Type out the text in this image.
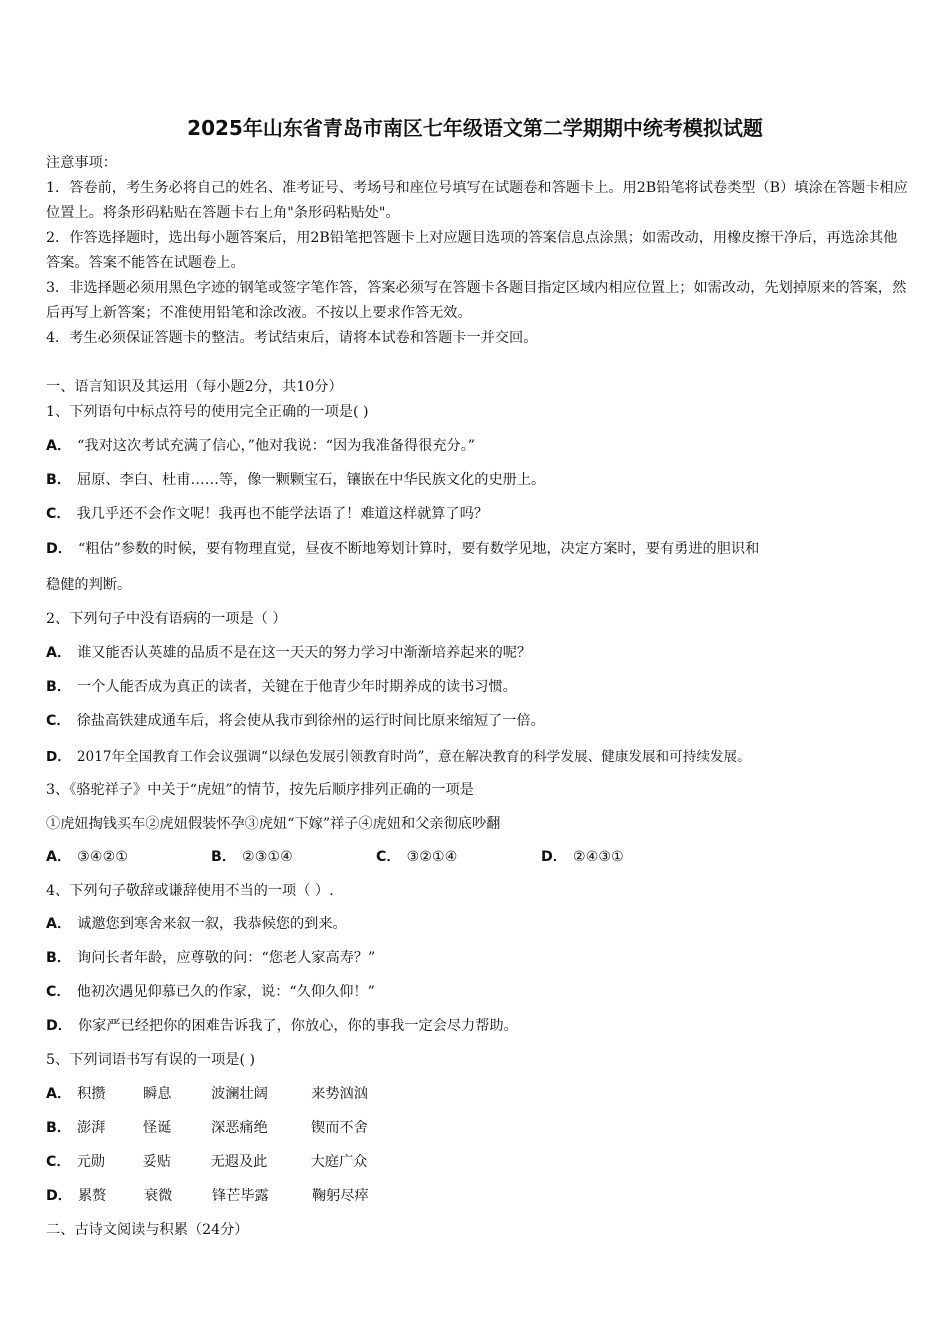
2025年山东省青岛市南区七年级语文第二学期期中统考模拟试题

注意事项：

1．答卷前，考生务必将自己的姓名、准考证号、考场号和座位号填写在试题卷和答题卡上。用2B铅笔将试卷类型（B）填涂在答题卡相应位置上。将条形码粘贴在答题卡右上角"条形码粘贴处"。

2．作答选择题时，选出每小题答案后，用2B铅笔把答题卡上对应题目选项的答案信息点涂黑；如需改动，用橡皮擦干净后，再选涂其他答案。答案不能答在试题卷上。

3．非选择题必须用黑色字迹的钢笔或签字笔作答，答案必须写在答题卡各题目指定区域内相应位置上；如需改动，先划掉原来的答案，然后再写上新答案；不准使用铅笔和涂改液。不按以上要求作答无效。

4．考生必须保证答题卡的整洁。考试结束后，请将本试卷和答题卡一并交回。

一、语言知识及其运用（每小题2分，共10分）
1、下列语句中标点符号的使用完全正确的一项是( )
A． “我对这次考试充满了信心，”他对我说：“因为我准备得很充分。”
B． 屈原、李白、杜甫……等，像一颗颗宝石，镶嵌在中华民族文化的史册上。
C． 我几乎还不会作文呢！我再也不能学法语了！难道这样就算了吗？
D． “粗估”参数的时候，要有物理直觉，昼夜不断地筹划计算时，要有数学见地，决定方案时，要有勇进的胆识和
稳健的判断。
2、下列句子中没有语病的一项是（ ）
A． 谁又能否认英雄的品质不是在这一天天的努力学习中渐渐培养起来的呢？
B． 一个人能否成为真正的读者，关键在于他青少年时期养成的读书习惯。
C． 徐盐高铁建成通车后，将会使从我市到徐州的运行时间比原来缩短了一倍。
D． 2017年全国教育工作会议强调“以绿色发展引领教育时尚”，意在解决教育的科学发展、健康发展和可持续发展。
3、《骆驼祥子》中关于“虎妞”的情节，按先后顺序排列正确的一项是
①虎妞掏钱买车②虎妞假装怀孕③虎妞“下嫁”祥子④虎妞和父亲彻底吵翻
A． ③④②①	B． ②③①④	C． ③②①④	D． ②④③①
4、下列句子敬辞或谦辞使用不当的一项（ ）.
A． 诚邀您到寒舍来叙一叙，我恭候您的到来。
B． 询问长者年龄，应尊敬的问：“您老人家高寿？”
C． 他初次遇见仰慕已久的作家，说：“久仰久仰！”
D． 你家严已经把你的困难告诉我了，你放心，你的事我一定会尽力帮助。
5、下列词语书写有误的一项是( )
A． 积攒	瞬息	波澜壮阔	来势汹汹
B． 澎湃	怪诞	深恶痛绝	锲而不舍
C． 元勋	妥贴	无遐及此	大庭广众
D． 累赘	衰微	锋芒毕露	鞠躬尽瘁
二、古诗文阅读与积累（24分）
